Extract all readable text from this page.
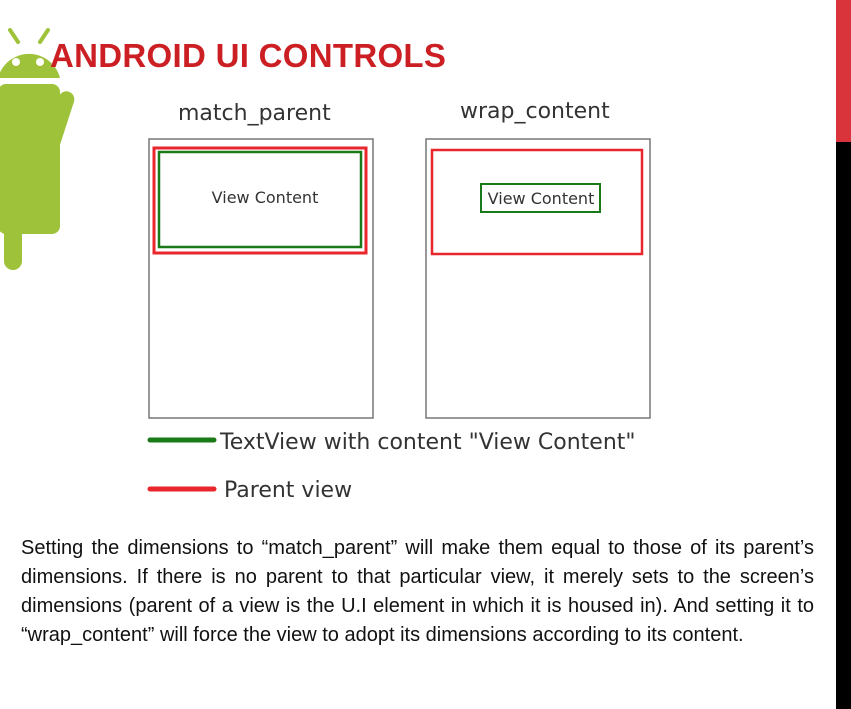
ANDROID UI CONTROLS
match_parent	wrap_content
View Content	View Content
TextView with content "View Content"
Parent view

Setting the dimensions to “match_parent” will make them equal to those of its parent’s dimensions. If there is no parent to that particular view, it merely sets to the screen’s dimensions (parent of a view is the U.I element in which it is housed in). And setting it to “wrap_content” will force the view to adopt its dimensions according to its content.
